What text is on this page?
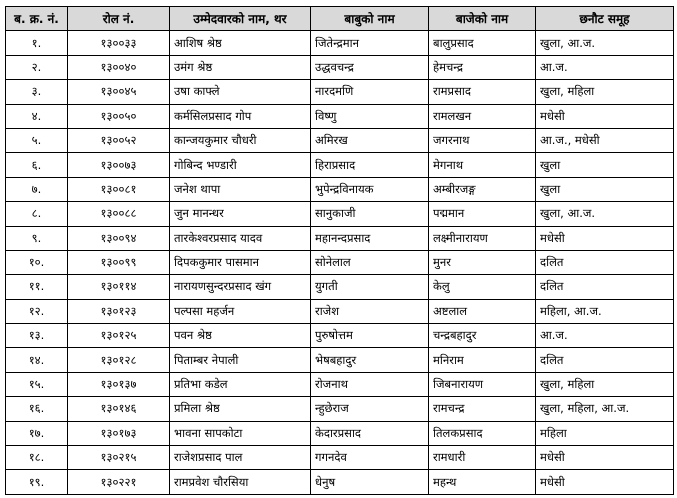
ब. क्र. नं.	रोल नं.	उम्मेदवारको नाम, थर	बाबुको नाम	बाजेको नाम	छनौट समूह
१.	१३००३३	आशिष श्रेष्ठ	जितेन्द्रमान	बालुप्रसाद	खुला, आ.ज.
२.	१३००४०	उमंग श्रेष्ठ	उद्धवचन्द्र	हेमचन्द्र	आ.ज.
३.	१३००४५	उषा काफ्ले	नारदमणि	रामप्रसाद	खुला, महिला
४.	१३००५०	कर्मसिलप्रसाद गोप	विष्णु	रामलखन	मधेसी
५.	१३००५२	कान्जयकुमार चौधरी	अमिरख	जगरनाथ	आ.ज., मधेसी
६.	१३००७३	गोबिन्द भण्डारी	हिराप्रसाद	मेगनाथ	खुला
७.	१३००८१	जनेश थापा	भुपेन्द्रविनायक	अम्बीरजङ्ग	खुला
८.	१३००८८	जुन मानन्धर	सानुकाजी	पद्ममान	खुला, आ.ज.
९.	१३००९४	तारकेश्वरप्रसाद यादव	महानन्दप्रसाद	लक्ष्मीनारायण	मधेसी
१०.	१३००९९	दिपककुमार पासमान	सोनेलाल	मुनर	दलित
११.	१३०११४	नारायणसुन्दरप्रसाद खंग	युगती	केलु	दलित
१२.	१३०१२३	पल्पसा महर्जन	राजेश	अष्टलाल	महिला, आ.ज.
१३.	१३०१२५	पवन श्रेष्ठ	पुरुषोत्तम	चन्द्रबहादुर	आ.ज.
१४.	१३०१२८	पिताम्बर नेपाली	भेषबहादुर	मनिराम	दलित
१५.	१३०१३७	प्रतिभा कडेल	रोजनाथ	जिबनारायण	खुला, महिला
१६.	१३०१४६	प्रमिला श्रेष्ठ	न्हुछेराज	रामचन्द्र	खुला, महिला, आ.ज.
१७.	१३०१७३	भावना सापकोटा	केदारप्रसाद	तिलकप्रसाद	महिला
१८.	१३०२१५	राजेशप्रसाद पाल	गगनदेव	रामधारी	मधेसी
१९.	१३०२२१	रामप्रवेश चौरसिया	धेनुष	महन्थ	मधेसी
